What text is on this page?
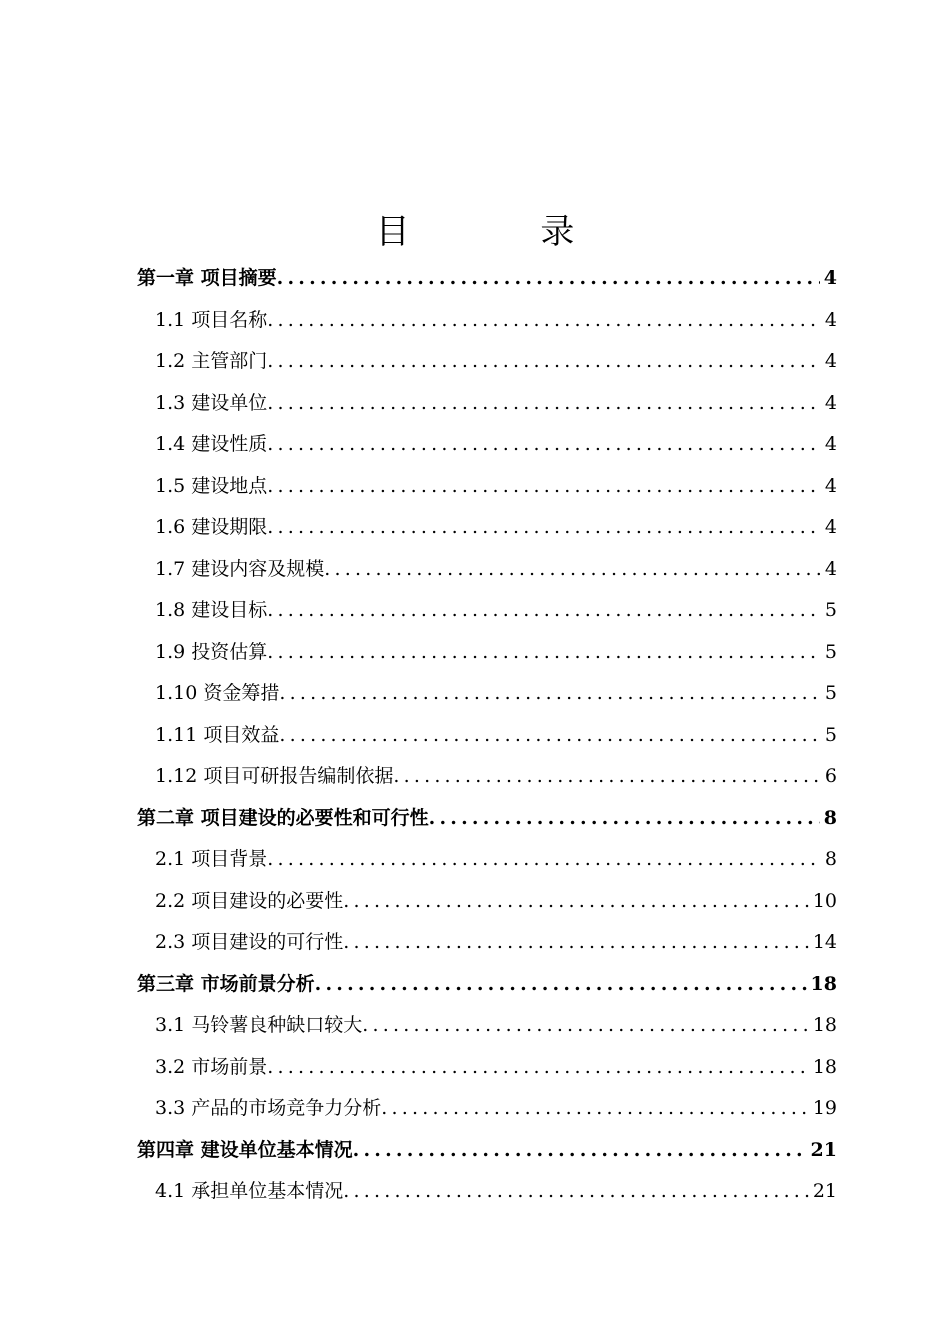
目 录
第一章 项目摘要 .....	4
1.1 项目名称 .....	4
1.2 主管部门 .....	4
1.3 建设单位 .....	4
1.4 建设性质 .....	4
1.5 建设地点 .....	4
1.6 建设期限 .....	4
1.7 建设内容及规模 .....	4
1.8 建设目标 .....	5
1.9 投资估算 .....	5
1.10 资金筹措 .....	5
1.11 项目效益 .....	5
1.12 项目可研报告编制依据 .....	6
第二章 项目建设的必要性和可行性 .....	8
2.1 项目背景 .....	8
2.2 项目建设的必要性 .....	10
2.3 项目建设的可行性 .....	14
第三章 市场前景分析 .....	18
3.1 马铃薯良种缺口较大 .....	18
3.2 市场前景 .....	18
3.3 产品的市场竞争力分析 .....	19
第四章 建设单位基本情况 .....	21
4.1 承担单位基本情况 .....	21
